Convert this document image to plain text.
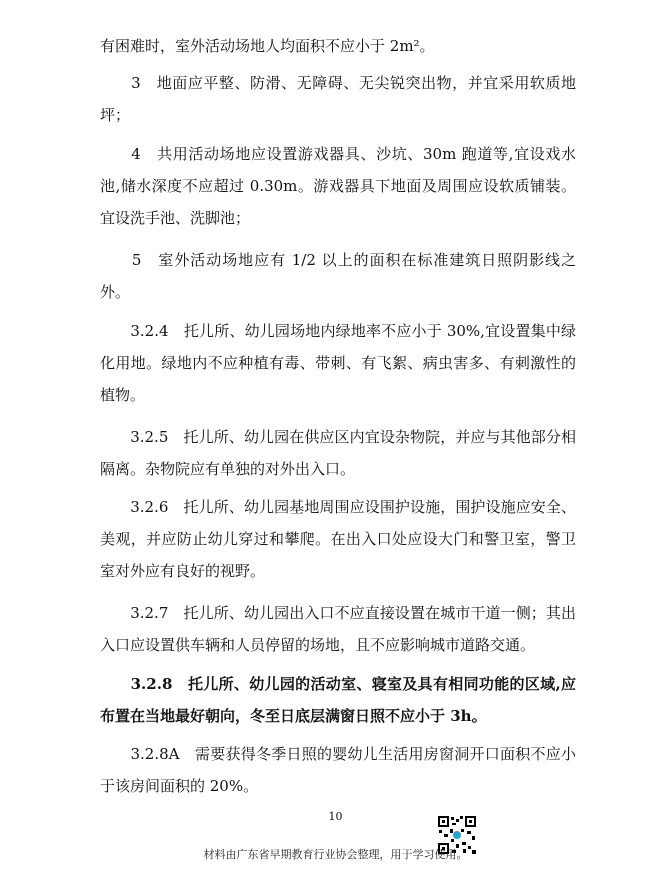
有困难时，室外活动场地人均面积不应小于 2m²。

　　3　地面应平整、防滑、无障碍、无尖锐突出物，并宜采用软质地坪；

　　4　共用活动场地应设置游戏器具、沙坑、30m 跑道等,宜设戏水池,储水深度不应超过 0.30m。游戏器具下地面及周围应设软质铺装。宜设洗手池、洗脚池；

　　5　室外活动场地应有 1/2 以上的面积在标准建筑日照阴影线之外。

　　3.2.4　托儿所、幼儿园场地内绿地率不应小于 30%,宜设置集中绿化用地。绿地内不应种植有毒、带刺、有飞絮、病虫害多、有刺激性的植物。

　　3.2.5　托儿所、幼儿园在供应区内宜设杂物院，并应与其他部分相隔离。杂物院应有单独的对外出入口。

　　3.2.6　托儿所、幼儿园基地周围应设围护设施，围护设施应安全、美观，并应防止幼儿穿过和攀爬。在出入口处应设大门和警卫室，警卫室对外应有良好的视野。

　　3.2.7　托儿所、幼儿园出入口不应直接设置在城市干道一侧；其出入口应设置供车辆和人员停留的场地，且不应影响城市道路交通。

　　3.2.8　托儿所、幼儿园的活动室、寝室及具有相同功能的区域,应布置在当地最好朝向，冬至日底层满窗日照不应小于 3h。

　　3.2.8A　需要获得冬季日照的婴幼儿生活用房窗洞开口面积不应小于该房间面积的 20%。

10
材料由广东省早期教育行业协会整理，用于学习使用。
